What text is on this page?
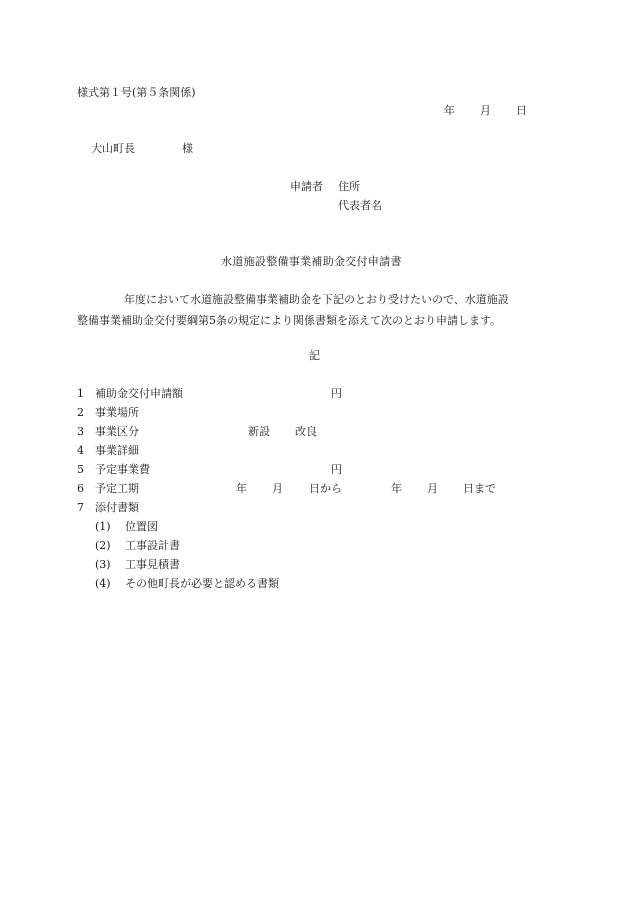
様式第１号(第５条関係)
年 月 日
大山町長	様
申請者 住所
代表者名
水道施設整備事業補助金交付申請書
年度において水道施設整備事業補助金を下記のとおり受けたいので、水道施設
整備事業補助金交付要綱第5条の規定により関係書類を添えて次のとおり申請します。
記
1 補助金交付申請額	円
2 事業場所
3 事業区分	新設 改良
4 事業詳細
5 予定事業費	円
6 予定工期	年 月 日から	年 月 日まで
7 添付書類
(1) 位置図
(2) 工事設計書
(3) 工事見積書
(4) その他町長が必要と認める書類
